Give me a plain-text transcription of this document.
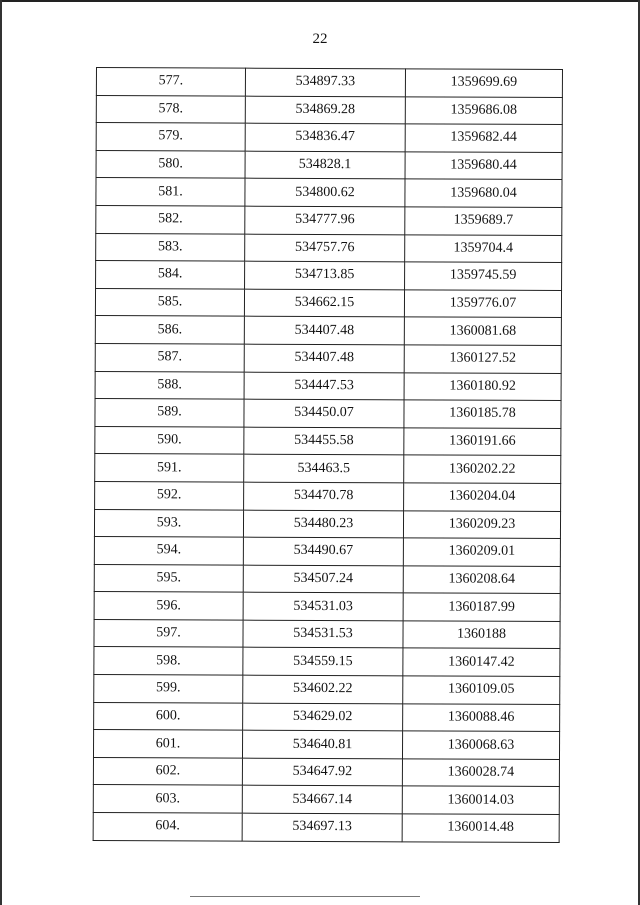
22
577.	534897.33	1359699.69
578.	534869.28	1359686.08
579.	534836.47	1359682.44
580.	534828.1	1359680.44
581.	534800.62	1359680.04
582.	534777.96	1359689.7
583.	534757.76	1359704.4
584.	534713.85	1359745.59
585.	534662.15	1359776.07
586.	534407.48	1360081.68
587.	534407.48	1360127.52
588.	534447.53	1360180.92
589.	534450.07	1360185.78
590.	534455.58	1360191.66
591.	534463.5	1360202.22
592.	534470.78	1360204.04
593.	534480.23	1360209.23
594.	534490.67	1360209.01
595.	534507.24	1360208.64
596.	534531.03	1360187.99
597.	534531.53	1360188
598.	534559.15	1360147.42
599.	534602.22	1360109.05
600.	534629.02	1360088.46
601.	534640.81	1360068.63
602.	534647.92	1360028.74
603.	534667.14	1360014.03
604.	534697.13	1360014.48
